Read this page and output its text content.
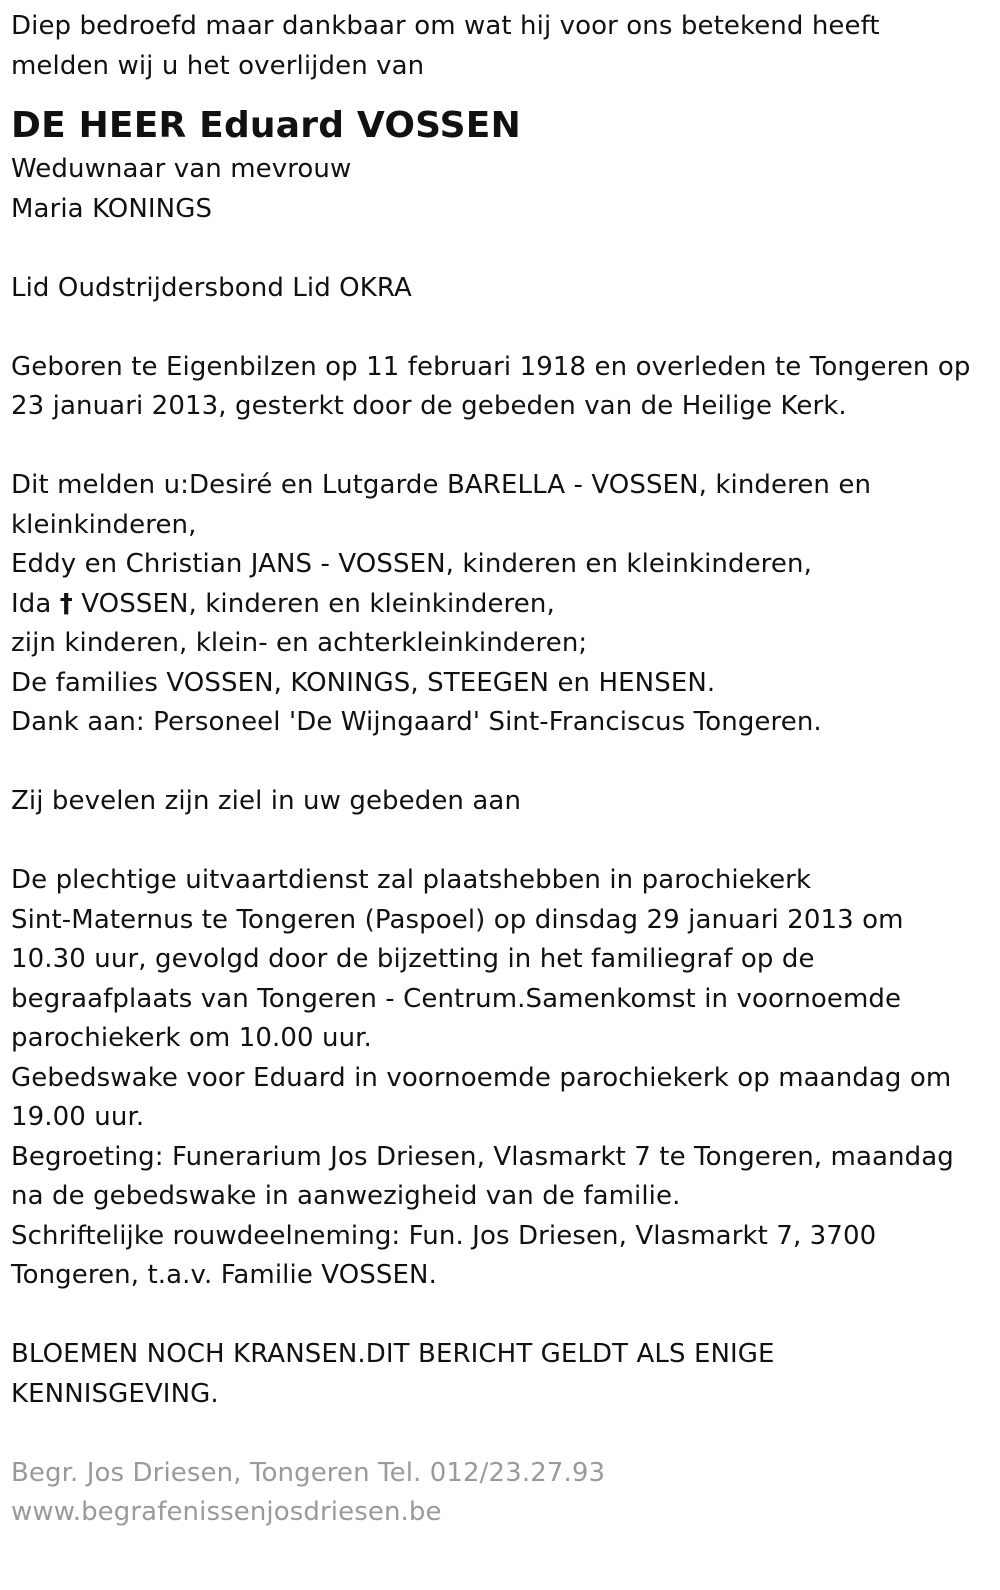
Diep bedroefd maar dankbaar om wat hij voor ons betekend heeft
melden wij u het overlijden van

DE HEER Eduard VOSSEN

Weduwnaar van mevrouw
Maria KONINGS

Lid Oudstrijdersbond Lid OKRA

Geboren te Eigenbilzen op 11 februari 1918 en overleden te Tongeren op
23 januari 2013, gesterkt door de gebeden van de Heilige Kerk.

Dit melden u:Desiré en Lutgarde BARELLA - VOSSEN, kinderen en
kleinkinderen,
Eddy en Christian JANS - VOSSEN, kinderen en kleinkinderen,
Ida † VOSSEN, kinderen en kleinkinderen,
zijn kinderen, klein- en achterkleinkinderen;
De families VOSSEN, KONINGS, STEEGEN en HENSEN.
Dank aan: Personeel 'De Wijngaard' Sint-Franciscus Tongeren.

Zij bevelen zijn ziel in uw gebeden aan

De plechtige uitvaartdienst zal plaatshebben in parochiekerk
Sint-Maternus te Tongeren (Paspoel) op dinsdag 29 januari 2013 om
10.30 uur, gevolgd door de bijzetting in het familiegraf op de
begraafplaats van Tongeren - Centrum.Samenkomst in voornoemde
parochiekerk om 10.00 uur.
Gebedswake voor Eduard in voornoemde parochiekerk op maandag om
19.00 uur.
Begroeting: Funerarium Jos Driesen, Vlasmarkt 7 te Tongeren, maandag
na de gebedswake in aanwezigheid van de familie.
Schriftelijke rouwdeelneming: Fun. Jos Driesen, Vlasmarkt 7, 3700
Tongeren, t.a.v. Familie VOSSEN.

BLOEMEN NOCH KRANSEN.DIT BERICHT GELDT ALS ENIGE
KENNISGEVING.

Begr. Jos Driesen, Tongeren Tel. 012/23.27.93
www.begrafenissenjosdriesen.be
